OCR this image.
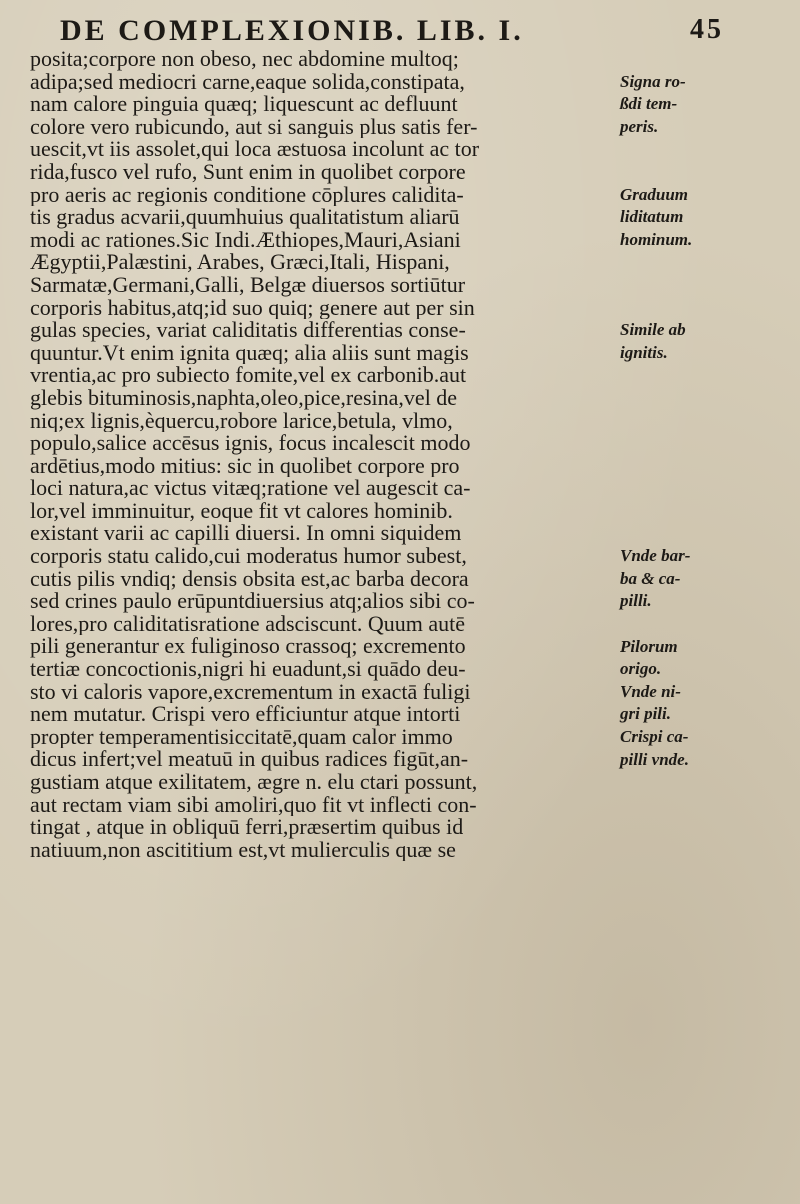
DE COMPLEXIONIB. LIB. I.	45
posita;corpore non obeso, nec abdomine multoq;
adipa;sed mediocri carne,eaque solida,constipata,
nam calore pinguia quæq; liquescunt ac defluunt
colore vero rubicundo, aut si sanguis plus satis fer-
uescit,vt iis assolet,qui loca æstuosa incolunt ac tor
rida,fusco vel rufo, Sunt enim in quolibet corpore
pro aeris ac regionis conditione cōplures calidita-
tis gradus acvarii,quumhuius qualitatistum aliarū
modi ac rationes.Sic Indi.Æthiopes,Mauri,Asiani
Ægyptii,Palæstini, Arabes, Græci,Itali, Hispani,
Sarmatæ,Germani,Galli, Belgæ diuersos sortiūtur
corporis habitus,atq;id suo quiq; genere aut per sin
gulas species, variat caliditatis differentias conse-
quuntur.Vt enim ignita quæq; alia aliis sunt magis
vrentia,ac pro subiecto fomite,vel ex carbonib.aut
glebis bituminosis,naphta,oleo,pice,resina,vel de
niq;ex lignis,èquercu,robore larice,betula, vlmo,
populo,salice accēsus ignis, focus incalescit modo
ardētius,modo mitius: sic in quolibet corpore pro
loci natura,ac victus vitæq;ratione vel augescit ca-
lor,vel imminuitur, eoque fit vt calores hominib.
existant varii ac capilli diuersi. In omni siquidem
corporis statu calido,cui moderatus humor subest,
cutis pilis vndiq; densis obsita est,ac barba decora
sed crines paulo erūpuntdiuersius atq;alios sibi co-
lores,pro caliditatisratione adsciscunt. Quum autē
pili generantur ex fuliginoso crassoq; excremento
tertiæ concoctionis,nigri hi euadunt,si quādo deu-
sto vi caloris vapore,excrementum in exactā fuligi
nem mutatur. Crispi vero efficiuntur atque intorti
propter temperamentisiccitatē,quam calor immo
dicus infert;vel meatuū in quibus radices figūt,an-
gustiam atque exilitatem, ægre n. elu ctari possunt,
aut rectam viam sibi amoliri,quo fit vt inflecti con-
tingat , atque in obliquū ferri,præsertim quibus id
natiuum,non ascititium est,vt mulierculis quæ se
Signa ro-
ßdi tem-
peris.
Graduum
liditatum
hominum.
Simile ab
ignitis.
Vnde bar-
ba & ca-
pilli.
Pilorum
origo.
Vnde ni-
gri pili.
Crispi ca-
pilli vnde.
